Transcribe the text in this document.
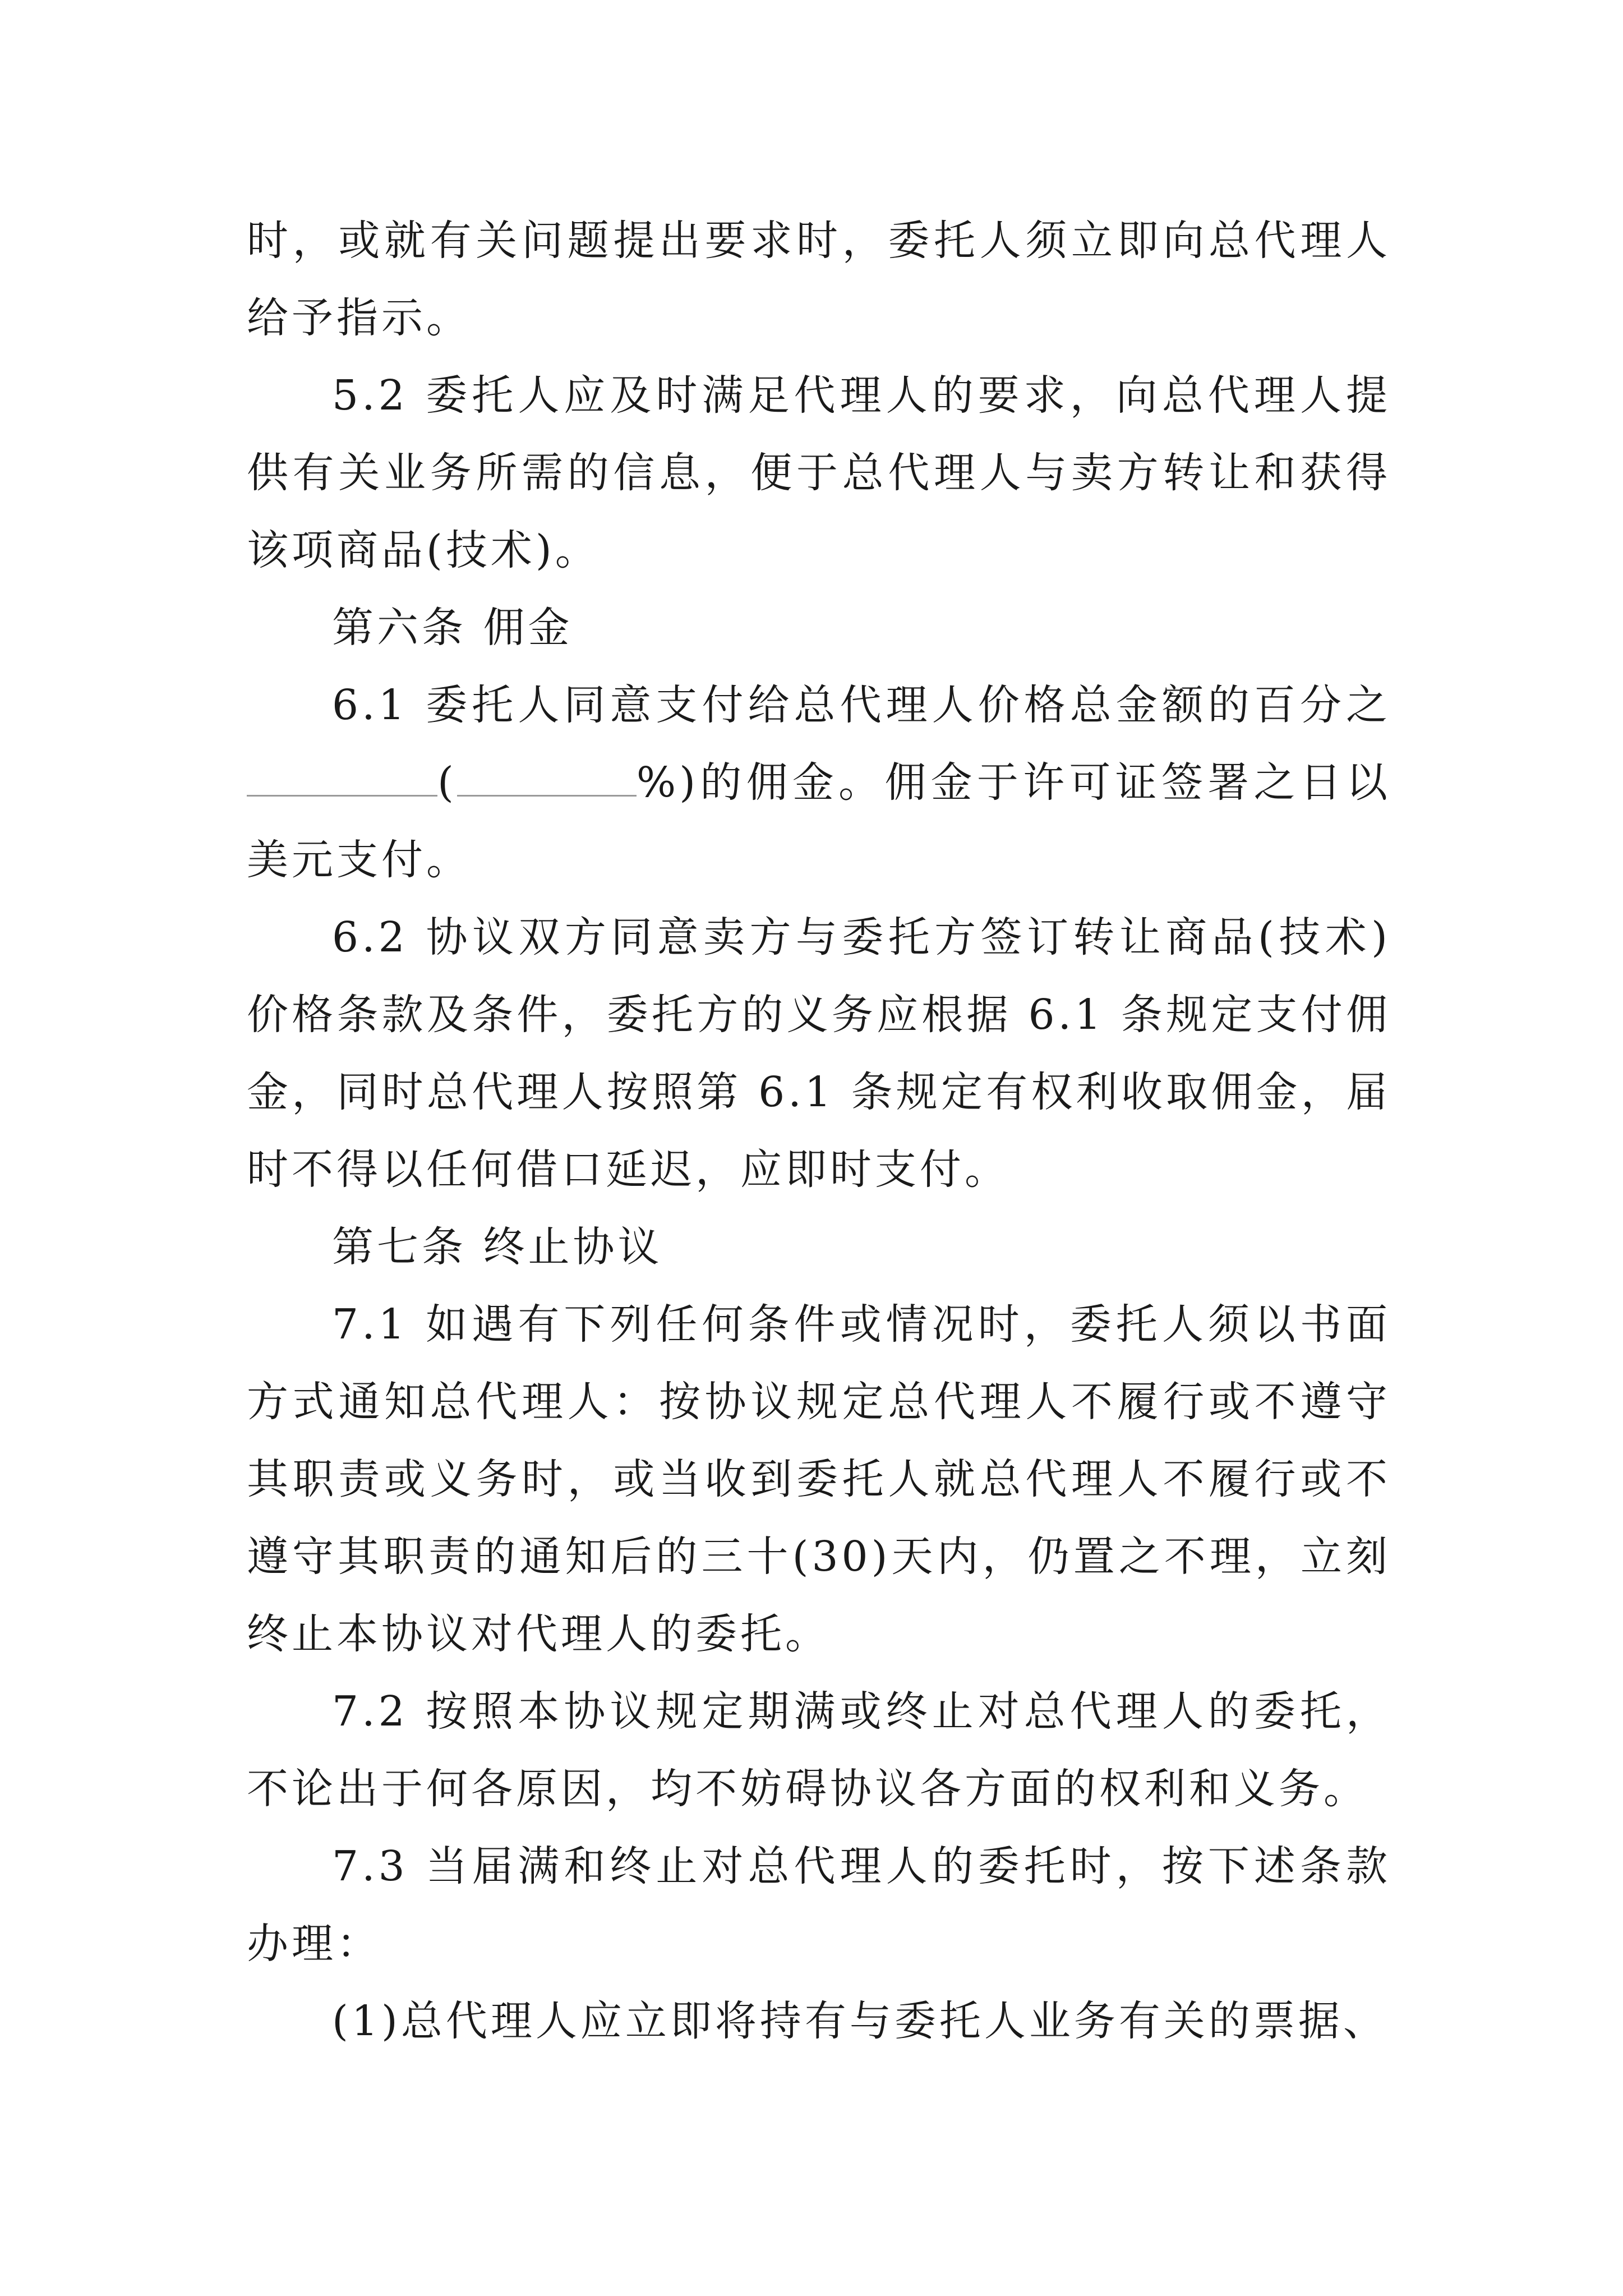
时，或就有关问题提出要求时，委托人须立即向总代理人给予指示。

5.2 委托人应及时满足代理人的要求，向总代理人提供有关业务所需的信息，便于总代理人与卖方转让和获得该项商品(技术)。

第六条 佣金

6.1 委托人同意支付给总代理人价格总金额的百分之(	%)的佣金。佣金于许可证签署之日以美元支付。

6.2 协议双方同意卖方与委托方签订转让商品(技术)价格条款及条件，委托方的义务应根据 6.1 条规定支付佣金，同时总代理人按照第 6.1 条规定有权利收取佣金，届时不得以任何借口延迟，应即时支付。

第七条 终止协议

7.1 如遇有下列任何条件或情况时，委托人须以书面方式通知总代理人：按协议规定总代理人不履行或不遵守其职责或义务时，或当收到委托人就总代理人不履行或不遵守其职责的通知后的三十(30)天内，仍置之不理，立刻终止本协议对代理人的委托。

7.2 按照本协议规定期满或终止对总代理人的委托，不论出于何各原因，均不妨碍协议各方面的权利和义务。

7.3 当届满和终止对总代理人的委托时，按下述条款办理：

(1)总代理人应立即将持有与委托人业务有关的票据、
